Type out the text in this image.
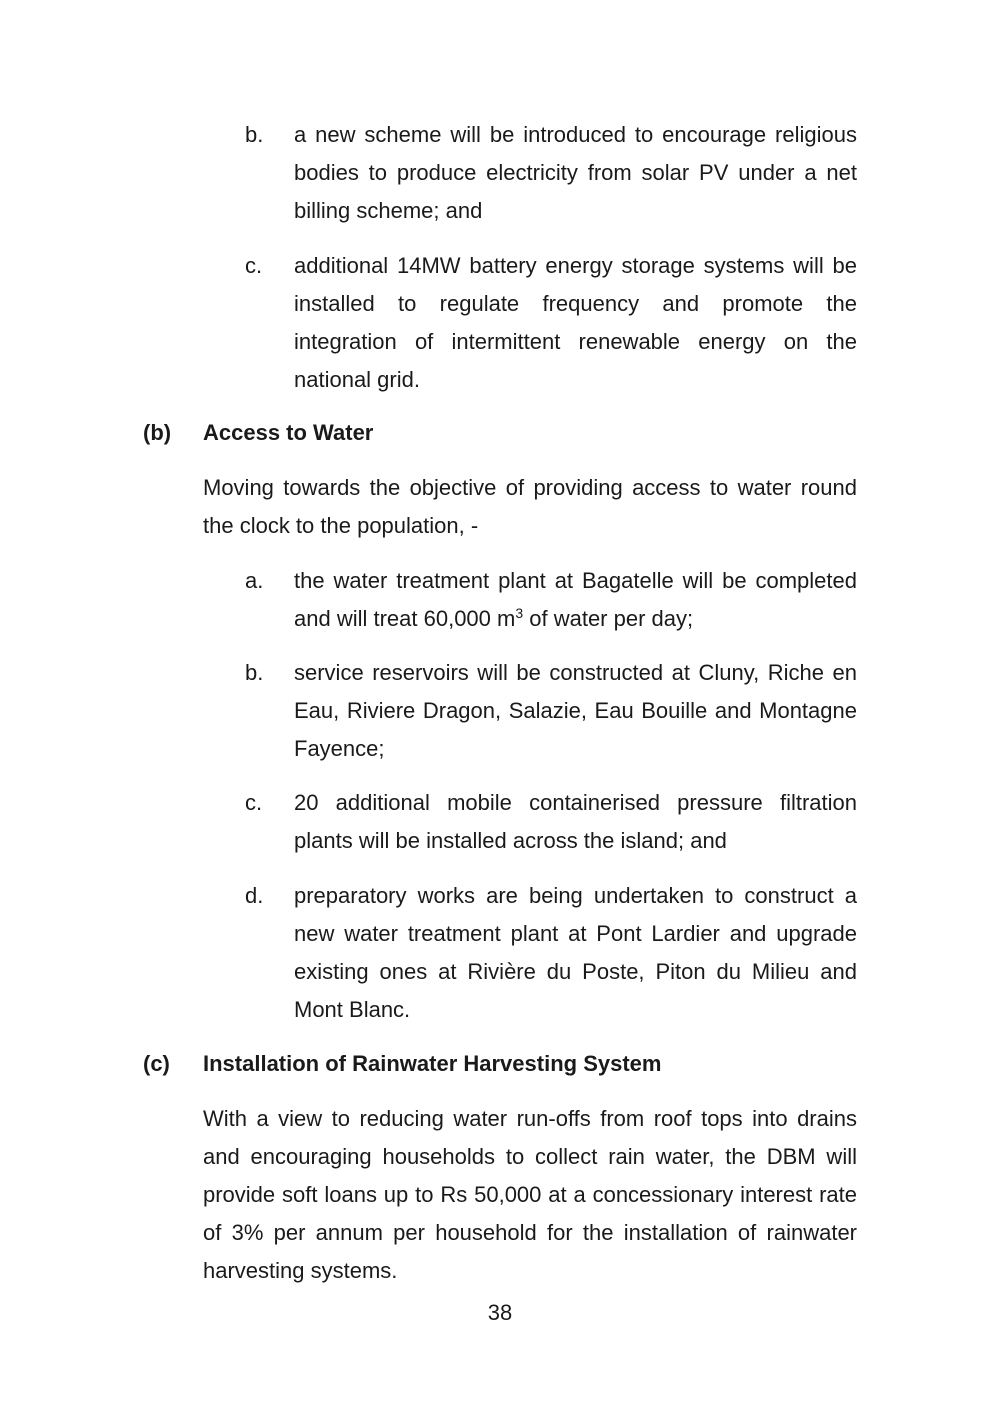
b.	a new scheme will be introduced to encourage religious bodies to produce electricity from solar PV under a net billing scheme; and
c.	additional 14MW battery energy storage systems will be installed to regulate frequency and promote the integration of intermittent renewable energy on the national grid.
(b) Access to Water
Moving towards the objective of providing access to water round the clock to the population, -
a.	the water treatment plant at Bagatelle will be completed and will treat 60,000 $m^3$ of water per day;
b.	service reservoirs will be constructed at Cluny, Riche en Eau, Riviere Dragon, Salazie, Eau Bouille and Montagne Fayence;
c.	20 additional mobile containerised pressure filtration plants will be installed across the island; and
d.	preparatory works are being undertaken to construct a new water treatment plant at Pont Lardier and upgrade existing ones at Rivière du Poste, Piton du Milieu and Mont Blanc.
(c) Installation of Rainwater Harvesting System
With a view to reducing water run-offs from roof tops into drains and encouraging households to collect rain water, the DBM will provide soft loans up to Rs 50,000 at a concessionary interest rate of 3% per annum per household for the installation of rainwater harvesting systems.
38
